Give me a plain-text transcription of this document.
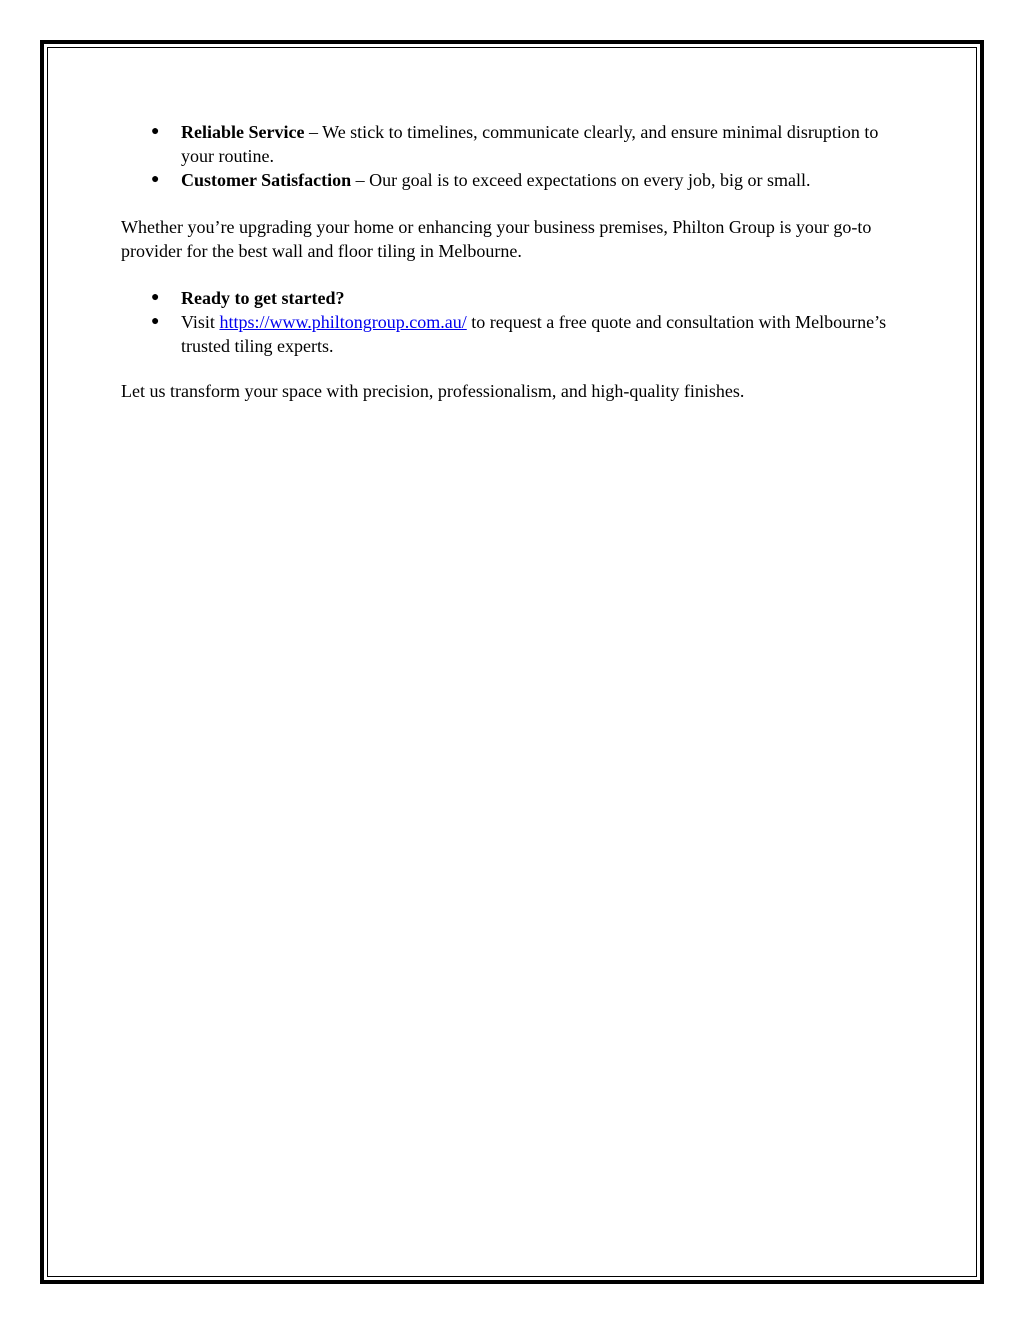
● Reliable Service – We stick to timelines, communicate clearly, and ensure minimal disruption to your routine.
● Customer Satisfaction – Our goal is to exceed expectations on every job, big or small.

Whether you’re upgrading your home or enhancing your business premises, Philton Group is your go-to provider for the best wall and floor tiling in Melbourne.

● Ready to get started?
● Visit https://www.philtongroup.com.au/ to request a free quote and consultation with Melbourne’s trusted tiling experts.

Let us transform your space with precision, professionalism, and high-quality finishes.
